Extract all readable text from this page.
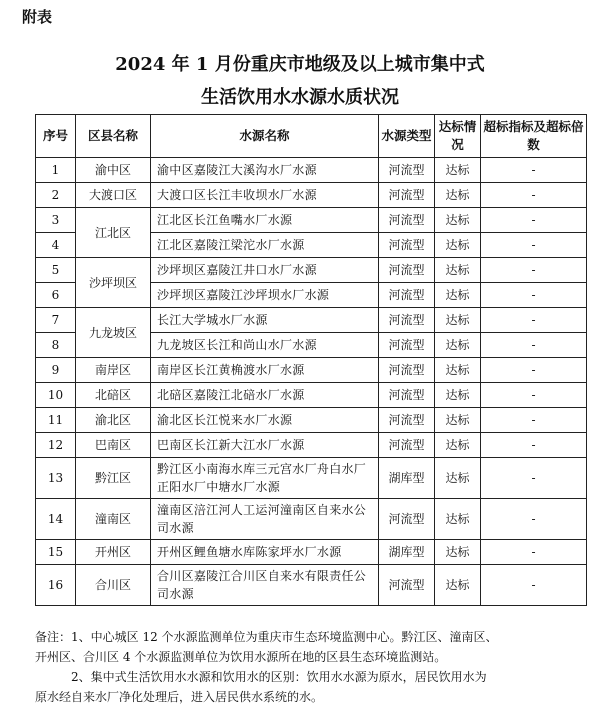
附表
2024 年 1 月份重庆市地级及以上城市集中式
生活饮用水水源水质状况
序号	区县名称	水源名称	水源类型	达标情况	超标指标及超标倍数
1	渝中区	渝中区嘉陵江大溪沟水厂水源	河流型	达标	-
2	大渡口区	大渡口区长江丰收坝水厂水源	河流型	达标	-
3	江北区	江北区长江鱼嘴水厂水源	河流型	达标	-
4		江北区嘉陵江梁沱水厂水源	河流型	达标	-
5	沙坪坝区	沙坪坝区嘉陵江井口水厂水源	河流型	达标	-
6		沙坪坝区嘉陵江沙坪坝水厂水源	河流型	达标	-
7	九龙坡区	长江大学城水厂水源	河流型	达标	-
8		九龙坡区长江和尚山水厂水源	河流型	达标	-
9	南岸区	南岸区长江黄桷渡水厂水源	河流型	达标	-
10	北碚区	北碚区嘉陵江北碚水厂水源	河流型	达标	-
11	渝北区	渝北区长江悦来水厂水源	河流型	达标	-
12	巴南区	巴南区长江新大江水厂水源	河流型	达标	-
13	黔江区	黔江区小南海水库三元宫水厂舟白水厂正阳水厂中塘水厂水源	湖库型	达标	-
14	潼南区	潼南区涪江河人工运河潼南区自来水公司水源	河流型	达标	-
15	开州区	开州区鲤鱼塘水库陈家坪水厂水源	湖库型	达标	-
16	合川区	合川区嘉陵江合川区自来水有限责任公司水源	河流型	达标	-

备注：1、中心城区 12 个水源监测单位为重庆市生态环境监测中心。黔江区、潼南区、

开州区、合川区 4 个水源监测单位为饮用水源所在地的区县生态环境监测站。

2、集中式生活饮用水水源和饮用水的区别：饮用水水源为原水，居民饮用水为

原水经自来水厂净化处理后，进入居民供水系统的水。
